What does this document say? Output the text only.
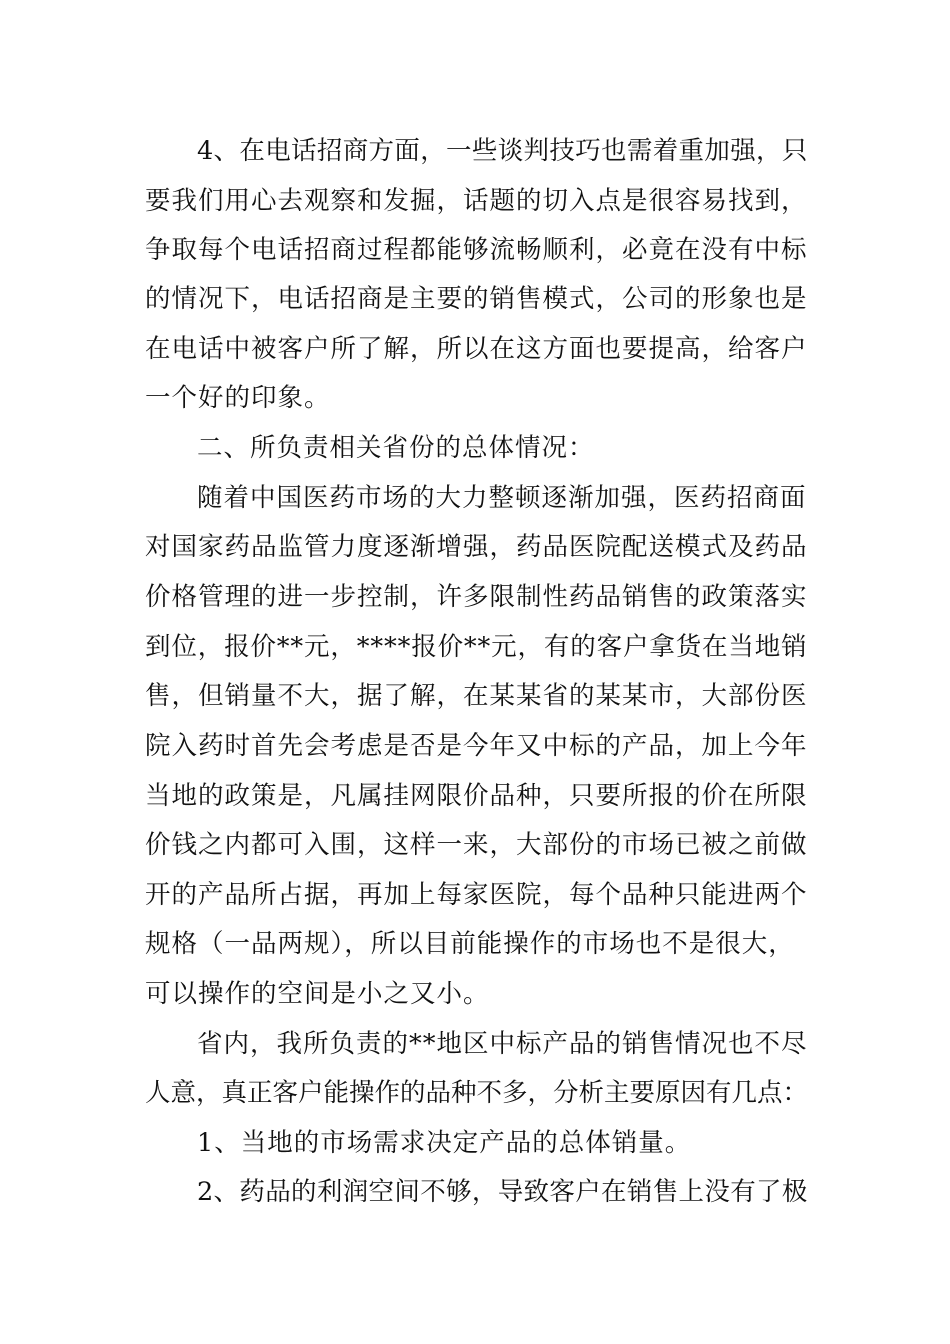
4、在电话招商方面，一些谈判技巧也需着重加强，只

要我们用心去观察和发掘，话题的切入点是很容易找到，

争取每个电话招商过程都能够流畅顺利，必竟在没有中标

的情况下，电话招商是主要的销售模式，公司的形象也是

在电话中被客户所了解，所以在这方面也要提高，给客户

一个好的印象。

二、所负责相关省份的总体情况：

随着中国医药市场的大力整顿逐渐加强，医药招商面

对国家药品监管力度逐渐增强，药品医院配送模式及药品

价格管理的进一步控制，许多限制性药品销售的政策落实

到位，报价**元，****报价**元，有的客户拿货在当地销

售，但销量不大，据了解，在某某省的某某市，大部份医

院入药时首先会考虑是否是今年又中标的产品，加上今年

当地的政策是，凡属挂网限价品种，只要所报的价在所限

价钱之内都可入围，这样一来，大部份的市场已被之前做

开的产品所占据，再加上每家医院，每个品种只能进两个

规格（一品两规），所以目前能操作的市场也不是很大，

可以操作的空间是小之又小。

省内，我所负责的**地区中标产品的销售情况也不尽

人意，真正客户能操作的品种不多，分析主要原因有几点：

1、当地的市场需求决定产品的总体销量。

2、药品的利润空间不够，导致客户在销售上没有了极
